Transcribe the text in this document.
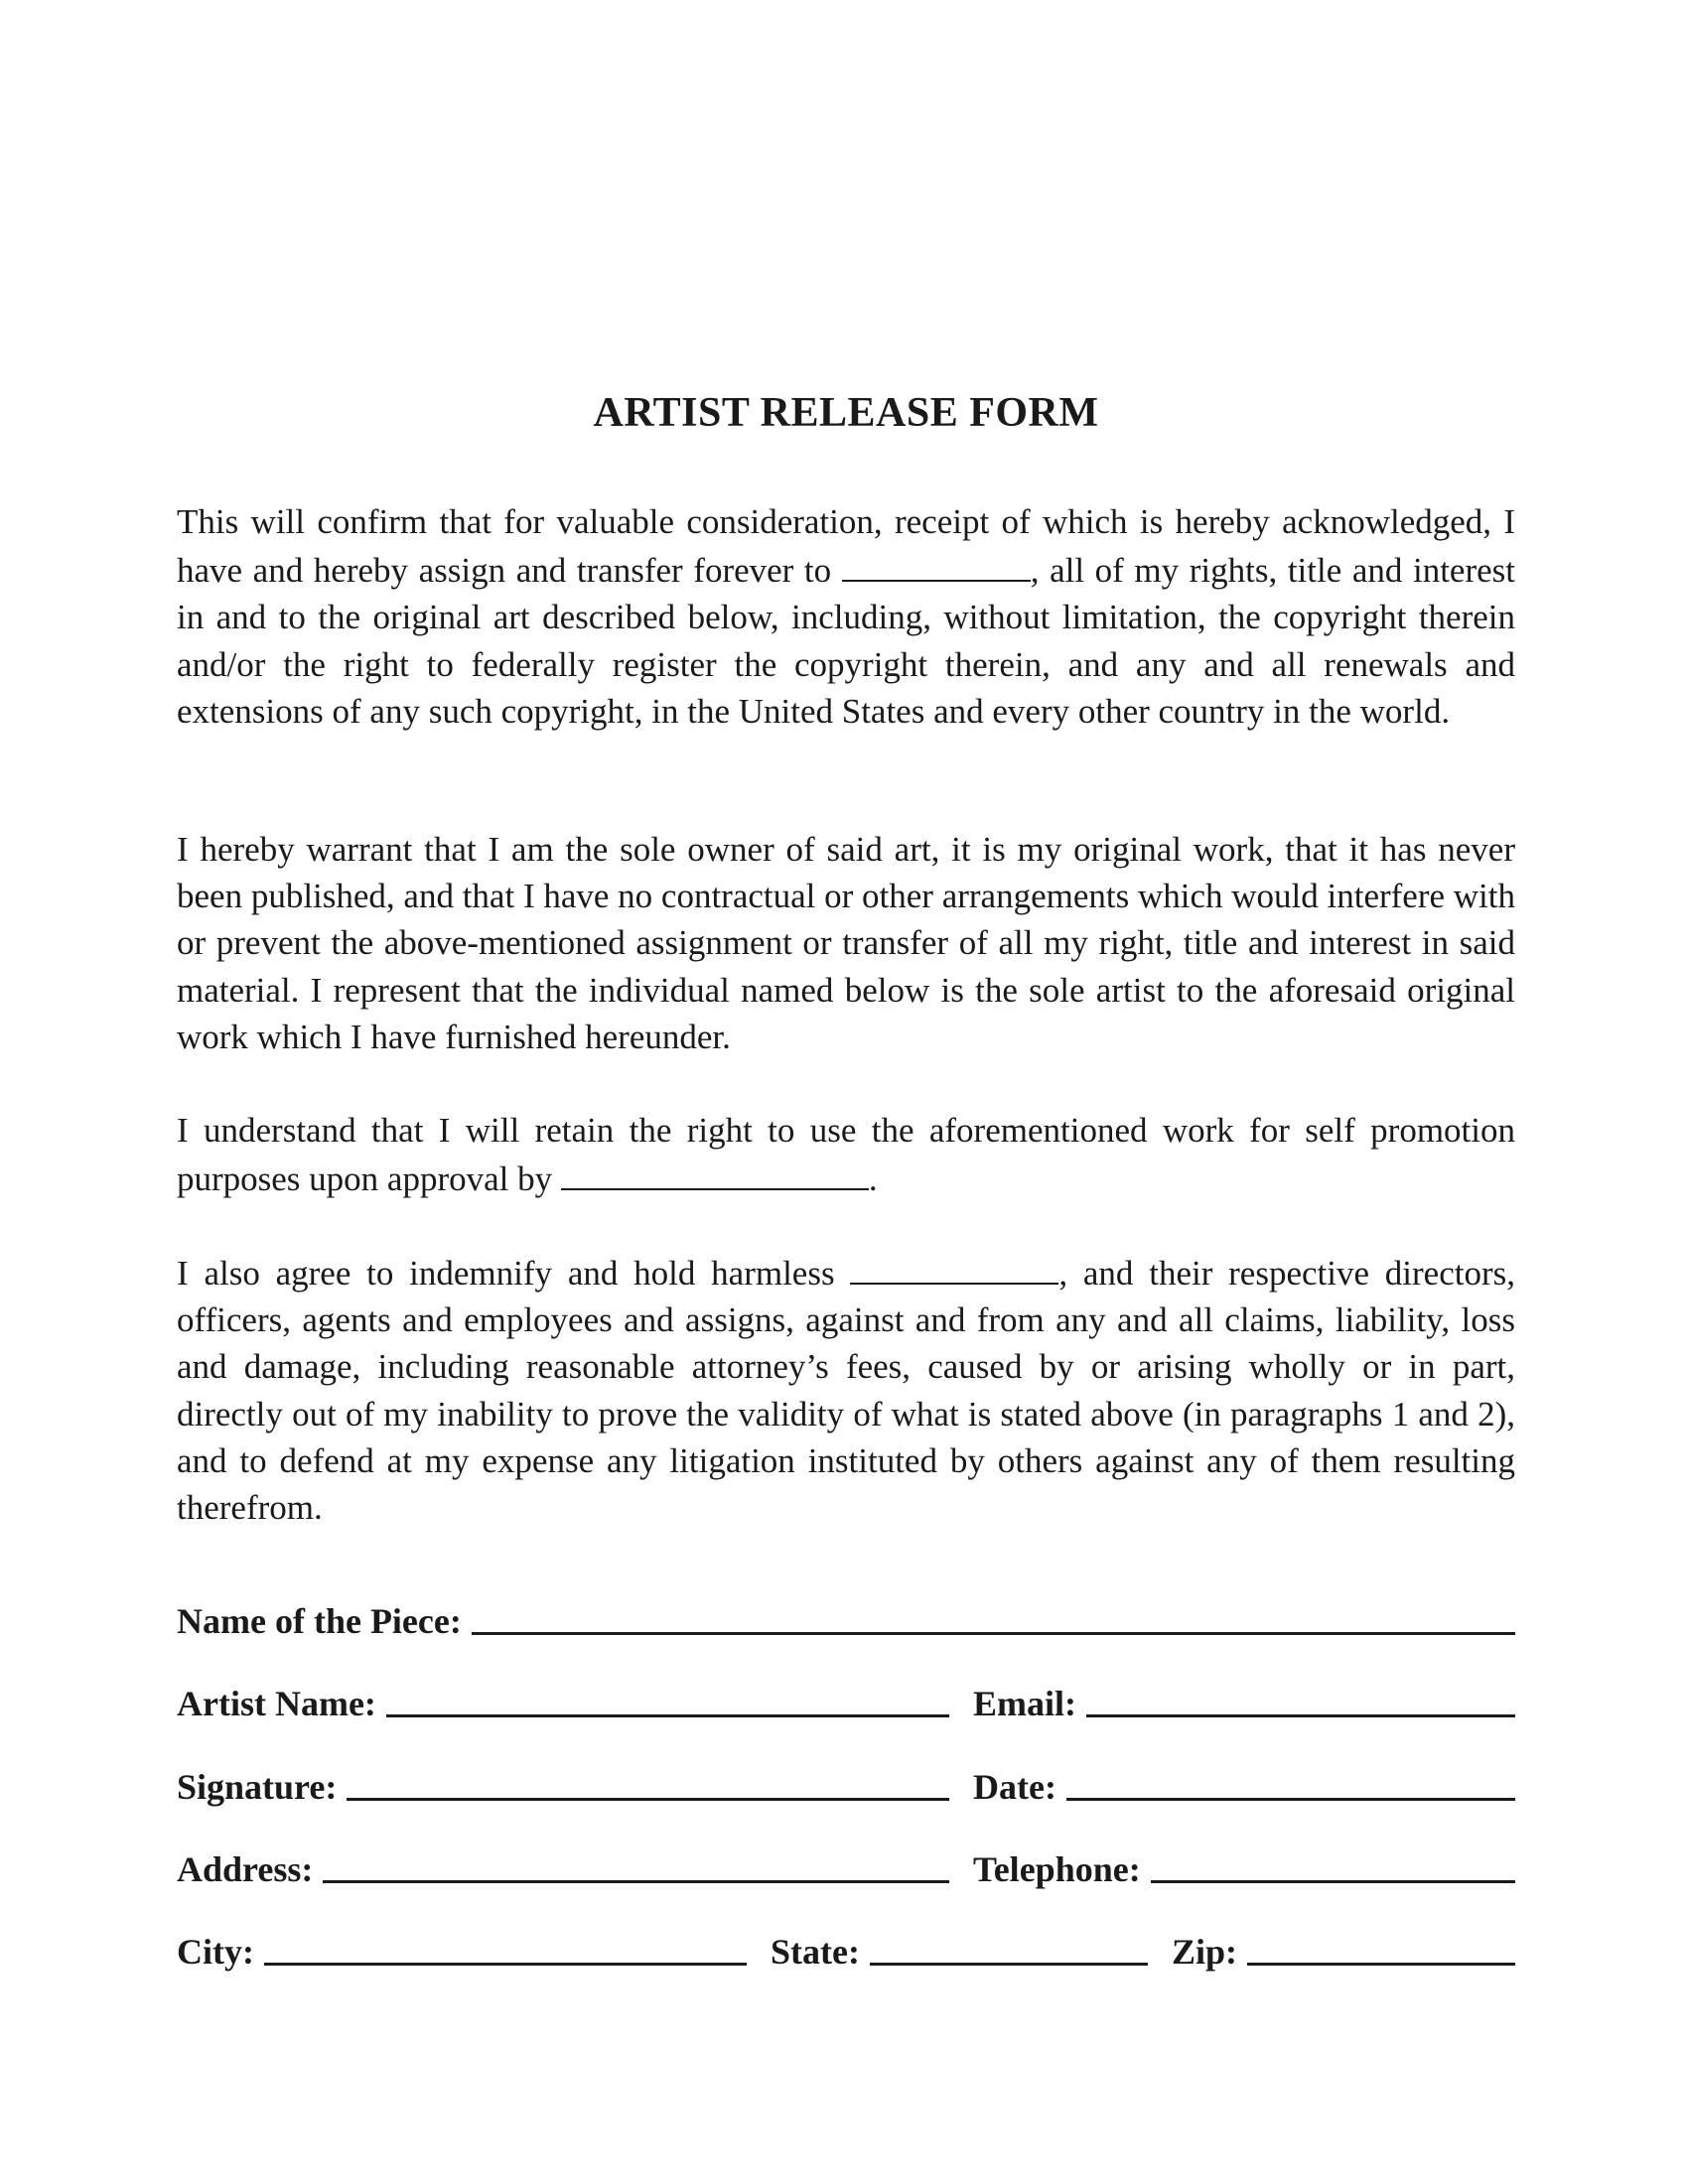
ARTIST RELEASE FORM

This will confirm that for valuable consideration, receipt of which is hereby acknowledged, I have and hereby assign and transfer forever to	, all of my rights, title and interest in and to the original art described below, including, without limitation, the copyright therein and/or the right to federally register the copyright therein, and any and all renewals and extensions of any such copyright, in the United States and every other country in the world.

I hereby warrant that I am the sole owner of said art, it is my original work, that it has never been published, and that I have no contractual or other arrangements which would interfere with or prevent the above-mentioned assignment or transfer of all my right, title and interest in said material. I represent that the individual named below is the sole artist to the aforesaid original work which I have furnished hereunder.

I understand that I will retain the right to use the aforementioned work for self promotion purposes upon approval by	.

I also agree to indemnify and hold harmless	, and their respective directors, officers, agents and employees and assigns, against and from any and all claims, liability, loss and damage, including reasonable attorney’s fees, caused by or arising wholly or in part, directly out of my inability to prove the validity of what is stated above (in paragraphs 1 and 2), and to defend at my expense any litigation instituted by others against any of them resulting therefrom.

Name of the Piece:
Artist Name:	Email:
Signature:	Date:
Address:	Telephone:
City:	State:	Zip:
